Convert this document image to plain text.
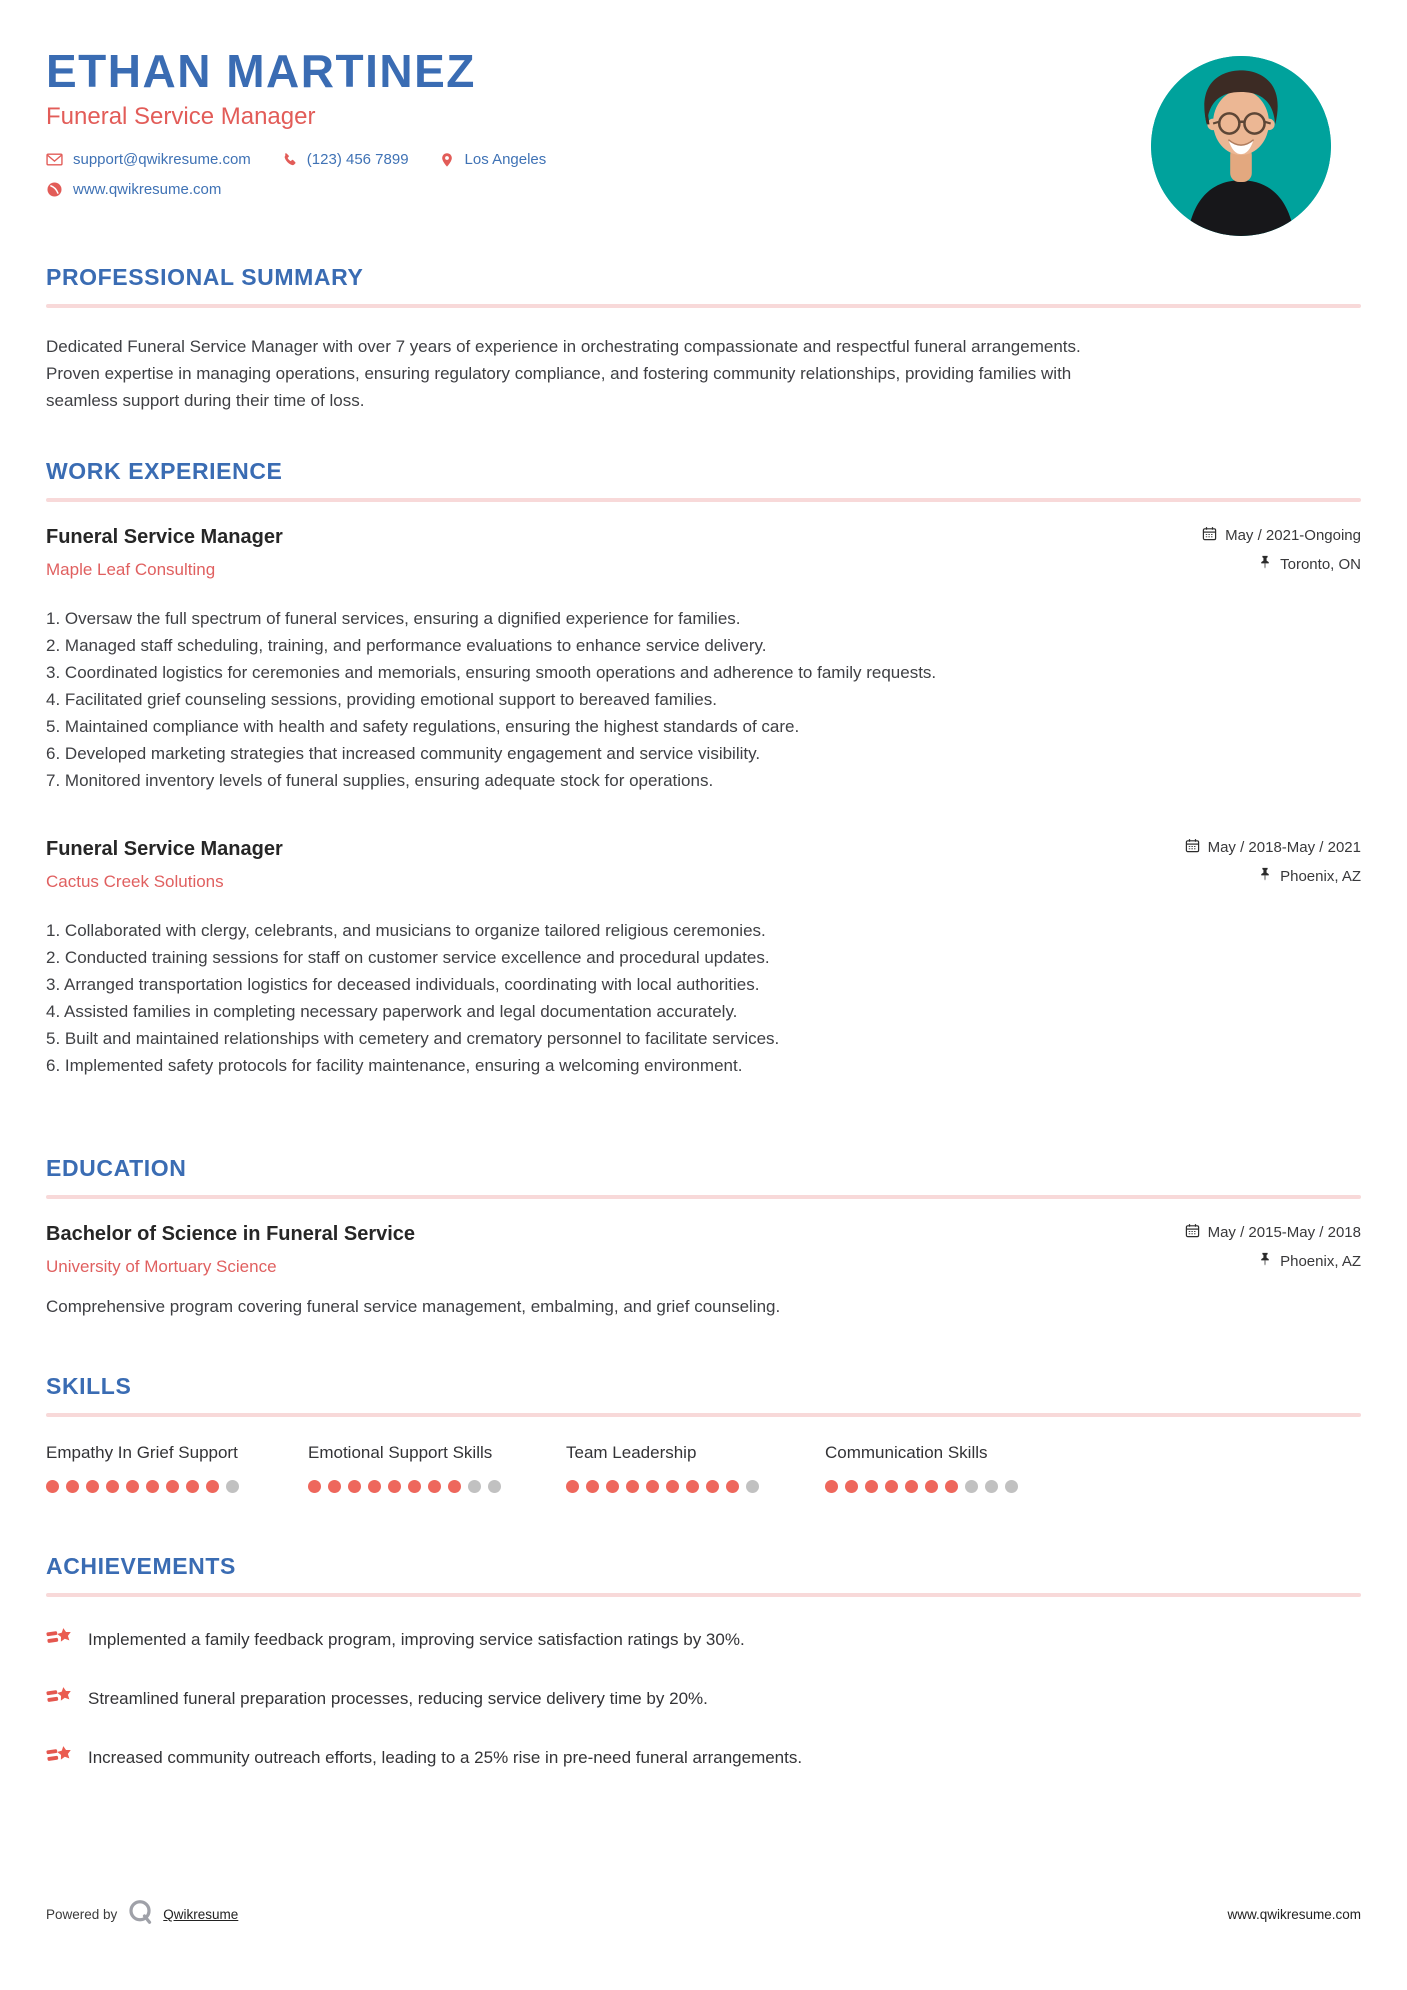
ETHAN MARTINEZ
Funeral Service Manager
support@qwikresume.com	(123) 456 7899	Los Angeles
www.qwikresume.com
PROFESSIONAL SUMMARY

Dedicated Funeral Service Manager with over 7 years of experience in orchestrating compassionate and respectful funeral arrangements. Proven expertise in managing operations, ensuring regulatory compliance, and fostering community relationships, providing families with seamless support during their time of loss.

WORK EXPERIENCE
Funeral Service Manager
Maple Leaf Consulting
May / 2021-Ongoing
Toronto, ON
Oversaw the full spectrum of funeral services, ensuring a dignified experience for families.
Managed staff scheduling, training, and performance evaluations to enhance service delivery.
Coordinated logistics for ceremonies and memorials, ensuring smooth operations and adherence to family requests.
Facilitated grief counseling sessions, providing emotional support to bereaved families.
Maintained compliance with health and safety regulations, ensuring the highest standards of care.
Developed marketing strategies that increased community engagement and service visibility.
Monitored inventory levels of funeral supplies, ensuring adequate stock for operations.
Funeral Service Manager
Cactus Creek Solutions
May / 2018-May / 2021
Phoenix, AZ
Collaborated with clergy, celebrants, and musicians to organize tailored religious ceremonies.
Conducted training sessions for staff on customer service excellence and procedural updates.
Arranged transportation logistics for deceased individuals, coordinating with local authorities.
Assisted families in completing necessary paperwork and legal documentation accurately.
Built and maintained relationships with cemetery and crematory personnel to facilitate services.
Implemented safety protocols for facility maintenance, ensuring a welcoming environment.
EDUCATION
Bachelor of Science in Funeral Service
University of Mortuary Science
May / 2015-May / 2018
Phoenix, AZ

Comprehensive program covering funeral service management, embalming, and grief counseling.

SKILLS
Empathy In Grief Support	Emotional Support Skills	Team Leadership	Communication Skills
ACHIEVEMENTS
Implemented a family feedback program, improving service satisfaction ratings by 30%.
Streamlined funeral preparation processes, reducing service delivery time by 20%.
Increased community outreach efforts, leading to a 25% rise in pre-need funeral arrangements.
Powered by	Qwikresume	www.qwikresume.com
